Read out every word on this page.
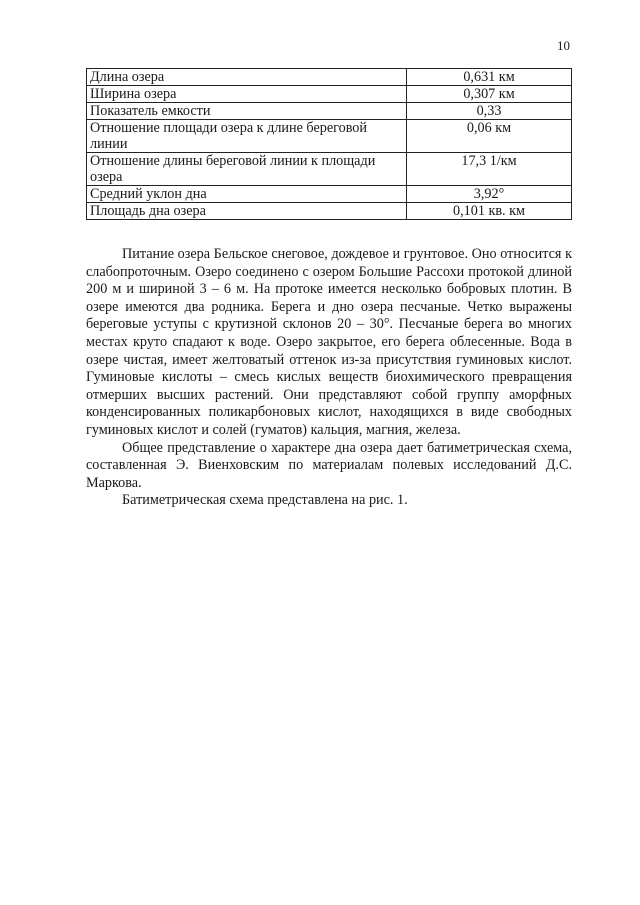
10
Длина озера	0,631 км
Ширина озера	0,307 км
Показатель емкости	0,33
Отношение площади озера к длине береговой линии	0,06 км
Отношение длины береговой линии к площади озера	17,3 1/км
Средний уклон дна	3,92°
Площадь дна озера	0,101 кв. км

Питание озера Бельское снеговое, дождевое и грунтовое. Оно относится к слабопроточным. Озеро соединено с озером Большие Рассохи протокой длиной 200 м и шириной 3 – 6 м. На протоке имеется несколько бобровых плотин. В озере имеются два родника. Берега и дно озера песчаные. Четко выражены береговые уступы с крутизной склонов 20 – 30°. Песчаные берега во многих местах круто спадают к воде. Озеро закрытое, его берега облесенные. Вода в озере чистая, имеет желтоватый оттенок из-за присутствия гуминовых кислот. Гуминовые кислоты – смесь кислых веществ биохимического превращения отмерших высших растений. Они представляют собой группу аморфных конденсированных поликарбоновых кислот, находящихся в виде свободных гуминовых кислот и солей (гуматов) кальция, магния, железа.

Общее представление о характере дна озера дает батиметрическая схема, составленная Э. Виенховским по материалам полевых исследований Д.С. Маркова.

Батиметрическая схема представлена на рис. 1.
